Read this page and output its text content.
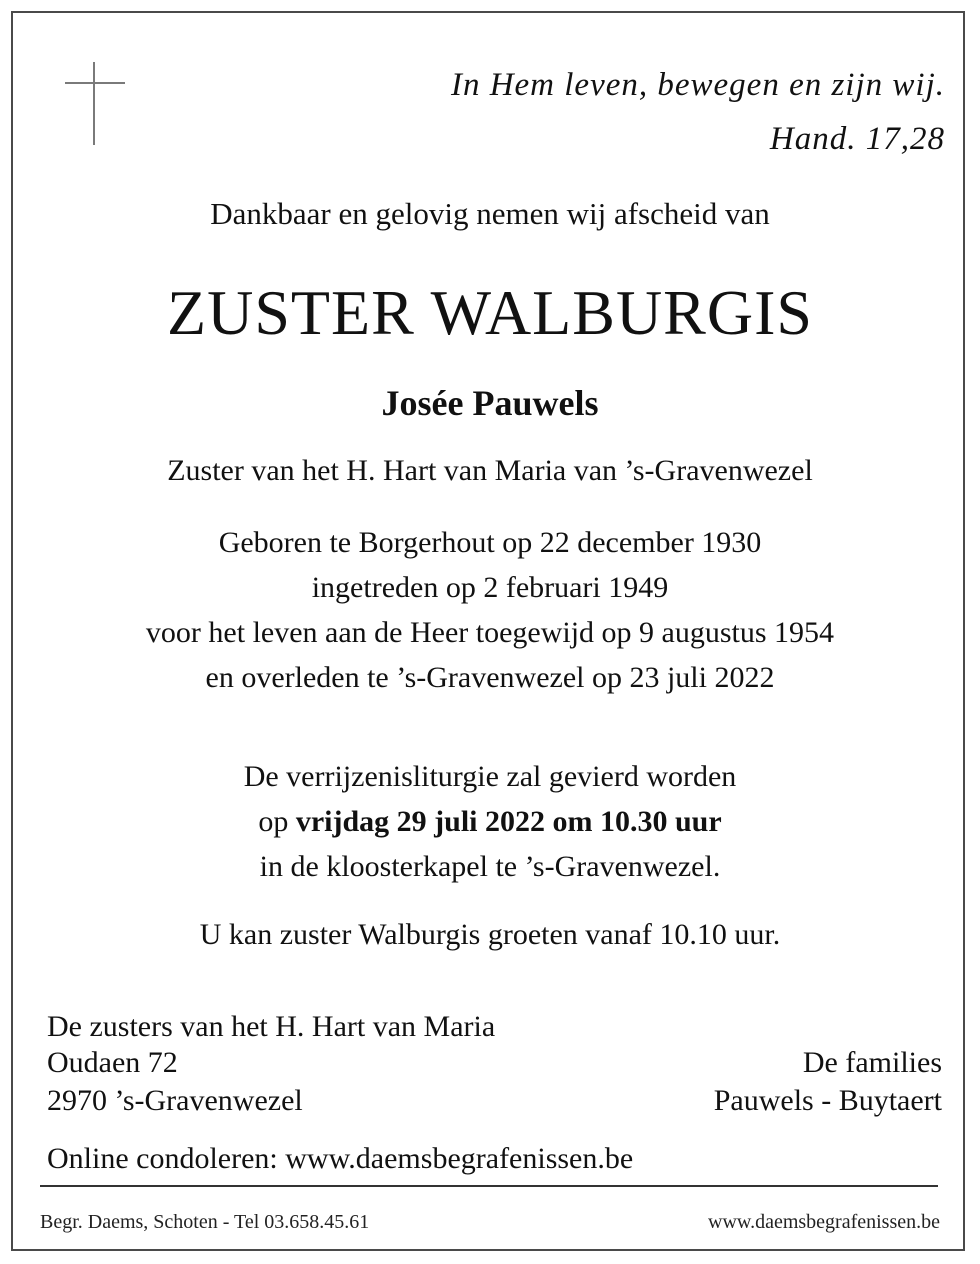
In Hem leven, bewegen en zijn wij.
Hand. 17,28
Dankbaar en gelovig nemen wij afscheid van
ZUSTER WALBURGIS
Josée Pauwels
Zuster van het H. Hart van Maria van ’s-Gravenwezel
Geboren te Borgerhout op 22 december 1930
ingetreden op 2 februari 1949
voor het leven aan de Heer toegewijd op 9 augustus 1954
en overleden te ’s-Gravenwezel op 23 juli 2022
De verrijzenisliturgie zal gevierd worden
op vrijdag 29 juli 2022 om 10.30 uur
in de kloosterkapel te ’s-Gravenwezel.
U kan zuster Walburgis groeten vanaf 10.10 uur.
De zusters van het H. Hart van Maria
Oudaen 72
2970 ’s-Gravenwezel
De families
Pauwels - Buytaert
Online condoleren: www.daemsbegrafenissen.be
Begr. Daems, Schoten - Tel 03.658.45.61	www.daemsbegrafenissen.be
